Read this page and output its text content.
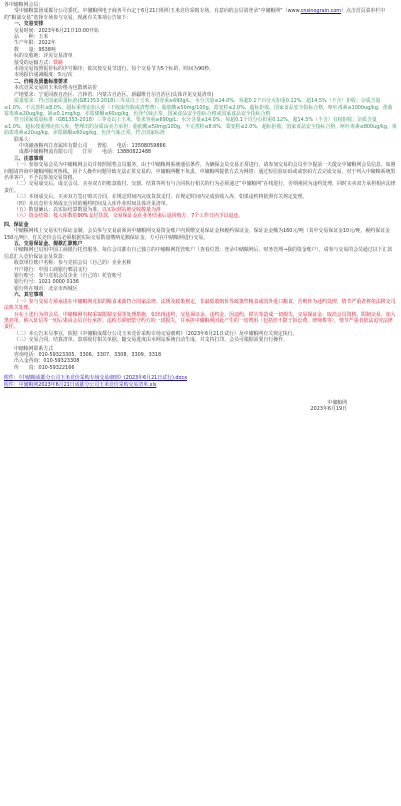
各中储粮网会员：

受中储粮集团成都分公司委托，中储粮网电子商务平台定于6月21日组织玉米竞价采购专场，有意向的会员请登录“中储粮网”（www.cnsinograin.com）点击首页菜单栏中的“粮油交易”选择专场参与交易。现就有关事项公告如下：

一、交易安排

交易时间：2023年6月21日10:00开始

品　　种：玉米

生产年限：2022年

数　　量：9538吨

标的交收地：详见交易清单

接受的运输方式：铁路

本场交易按照报价标的序号顺序，依次按交易节进行。每个交易节为5个标的，时间为90秒。

本场报价递减幅度：5元/次

二、价格及质量标准要求

本次竞采交易的玉米价格为包散到站价

产地要求：宁夏回族自治区、吉林省、内蒙古自治区、新疆维吾尔自治区(具体详见交易清单)

质量要求：符合国家质量标准(GB1353-2018)三等及以上玉米，指容重≥690g/L；水分含量≤14.0%，每超0.1个百分点扣重0.12%，超14.5%（不含）拒收；杂质含量≤1.0%，不完善粒≤8.0%，超标重理论扣入库（不收取代收或清整费）；脂肪酸≤50mg/100g，霉变粒≤2.0%，超标拒收。国家食品安全指标合格，呕吐毒素≤1000ug/kg，黄曲霉毒素≤20ug/kg，镉≤0.1mg/kg，赤霉烯酮≤60ug/kg，色泽气味正常。国家食品安全指标合格或国家食品安全指标合格

符合国家质量标准（GB1353-2018）三等及以上玉米，要求容重≥690g/L；水分含量≤14.0%，每超0.1个百分点扣重0.12%，超14.5%（不含）有权拒收；杂质含量≤1.0%，超标按重理论扣入库，整理出的杂质由卖方承担；脂肪酸≤50mg/100g，不完善粒≤8.0%，霉变粒≤2.0%，超标拒收。国家食品安全指标合格，呕吐毒素≤800ug/kg，黄曲霉毒素≤20ug/kg，赤霉烯酮≤60ug/kg，色泽气味正常。符合国家标准

联系人：

中央储备粮内江直属库有限公司　　曾彪　　电话：13508059866

成都中储粮物流有限公司　　江军　　电话：13880822488

三、注意事项

（一）参加交易会员为中储粮网会员并按照销售会员服务，由于中储粮网系统通信条件，为确保会员交易正常进行，请参加交易的会员至少提前一天提交中储粮网会员信息，如遇问题请咨询中储粮网服务热线。因个人操作问题导致无法正常交易的，中储粮网概不负责。中储粮网提供方式为网络：通过短信验证码或或密码方式完成交易，对于列入中储粮系统黑名单客户，不予以参加交易资格。

（二）交易成交后，成交会员、买卖双方的账款收付、交割、结算等所有与合同执行相关的行为必须通过“中储粮网”在线进行，否则视同为违约处理，同时买卖双方承担相应法律责任。

（三）本场成交后，买卖双方签订购买合同，在规定时间内完成货款支付，在规定时间内完成验收入库，如果违约将依照有关规定处理。

（四）本次竞价专场成交合同的履约时间及入库作业时间具体详见清单。

（五）数量确认：以实际结算数量为准。以实际到站地交收数量为准

（六）资金结算：按入库数的90%支付货款，交易保证金在业务结束后退回购方，7个工作日内予以退还。

四、保证金

中储粮网线上交易实行保证金制，会员参与交易前须向中储粮网交易资金账户内预缴交易保证金和履约保证金。保证金金额为160元/吨（其中交易保证金10元/吨，履约保证金150元/吨），有关竞价会员必须根据实际交易数量缴纳足额保证金，方可在中储粮网进行交易。

五、交易保证金、提款汇款账户

中储粮网已启用中国工商银行托管服务，每位会员都有自己独立的中储粮网托管账户（查看位置：登录中储粮网后，财务管理→我的资金账户），请参与交易的会员通过以下汇款信息汇入竞价保证金及货款：

收款单位账户名称：参与竞拍会员（自己的）企业名称

开户银行：中国工商银行郫县支行

银行账号：参与竞拍会员企业（自己的）托管账号

银行行号：1021 0000 0136

银行所在城市：北京市西城区

六、其它事项

（一）参与交易方须承诺在中储粮网竞拍的粮食来源符合国家法律、法规及政策规定，非最低收购价等政策性粮食或国外进口粮食，否则作为违约处理，情节严重者将依法移交司法机关处理。

存在上述行为的会员，中储粮网有权采取限制交易等处理措施，如出现违约，交易保证金、违约金、因违约、损失等造成一切损失，交易保证金、取消会员资格、限制交易、加入黑名单、纳入征信等一切后果由会员自行承担。违约方须赔偿守约方的一切损失，并承担中储粮网因此产生的一切费用（包括但不限于诉讼费、律师费等），情节严重者依法追究法律责任。

（二）本公告未尽事宜，依据《中储粮成都分公司玉米竞价采购专场交易细则》（2023年6月21日试行）及中储粮网有关规定执行。

（三）交易合同、结算清单、款项收付相关单据，随交易进度由本网站系统自动生成，并支持打印，会员可根据需要自行操作。

中储粮网联系方式

咨询电话：010-59323305、3306、3307、3308、3309、3318

出入金咨询：010-59323308

传　　真：010-59322166

附件：《中储粮成都分公司玉米竞价采购专场交易细则》(2023年6月21日试行).docx

附件：中储粮网2023年6月21日成都分公司玉米竞价采购交易清单.xls

中储粮网

2023年6月19日
